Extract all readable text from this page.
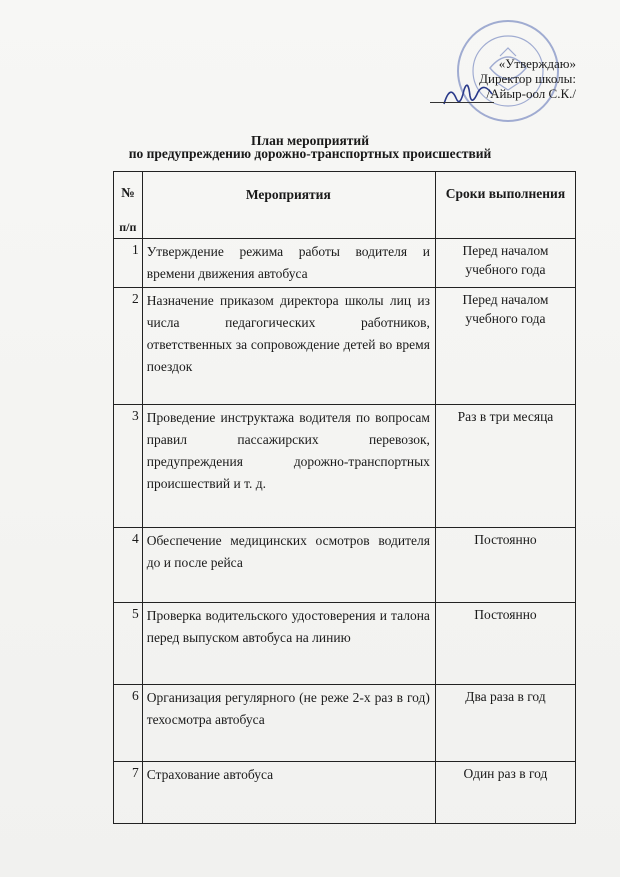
«Утверждаю»
Директор школы:
/Айыр-оол С.К./
План мероприятий
по предупреждению дорожно-транспортных происшествий
№
п/п	Мероприятия	Сроки выполнения
1	Утверждение режима работы водителя и времени движения автобуса	Перед началом учебного года
2	Назначение приказом директора школы лиц из числа педагогических работников, ответственных за сопровождение детей во время поездок	Перед началом учебного года
3	Проведение инструктажа водителя по вопросам правил пассажирских перевозок, предупреждения дорожно-транспортных происшествий и т. д.	Раз в три месяца
4	Обеспечение медицинских осмотров водителя до и после рейса	Постоянно
5	Проверка водительского удостоверения и талона перед выпуском автобуса на линию	Постоянно
6	Организация регулярного (не реже 2-х раз в год) техосмотра автобуса	Два раза в год
7	Страхование автобуса	Один раз в год
